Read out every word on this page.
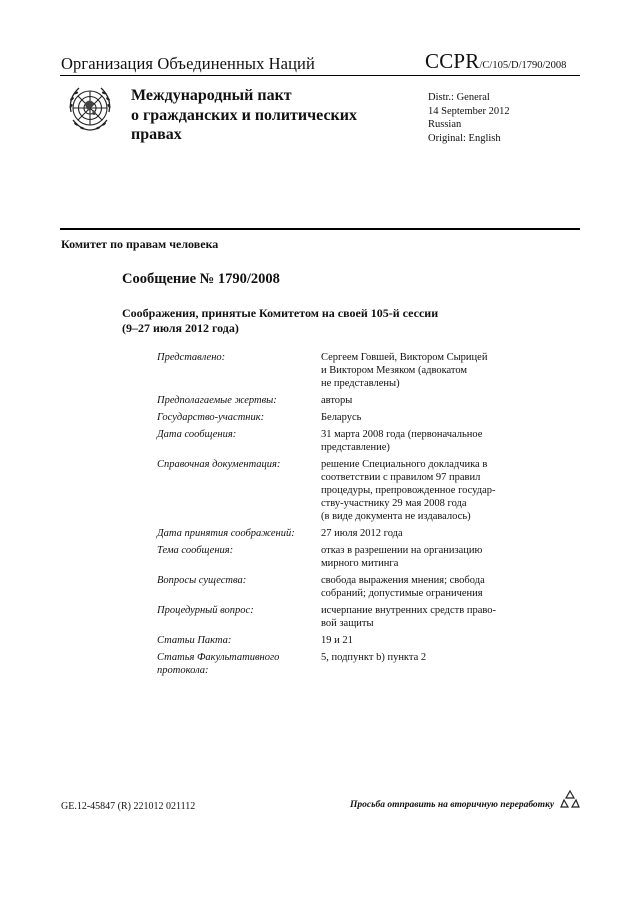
Организация Объединенных Наций	CCPR/C/105/D/1790/2008
Международный пакт
о гражданских и политических
правах
Distr.: General
14 September 2012
Russian
Original: English
Комитет по правам человека
Сообщение № 1790/2008
Соображения, принятые Комитетом на своей 105-й сессии
(9–27 июля 2012 года)
Представлено:	Сергеем Говшей, Виктором Сырицей
и Виктором Мезяком (адвокатом
не представлены)
Предполагаемые жертвы:	авторы
Государство-участник:	Беларусь
Дата сообщения:	31 марта 2008 года (первоначальное
представление)
Справочная документация:	решение Специального докладчика в
соответствии с правилом 97 правил
процедуры, препровожденное государ-
ству-участнику 29 мая 2008 года
(в виде документа не издавалось)
Дата принятия соображений:	27 июля 2012 года
Тема сообщения:	отказ в разрешении на организацию
мирного митинга
Вопросы существа:	свобода выражения мнения; свобода
собраний; допустимые ограничения
Процедурный вопрос:	исчерпание внутренних средств право-
вой защиты
Статьи Пакта:	19 и 21
Статья Факультативного
протокола:
5, подпункт b) пункта 2
GE.12-45847 (R) 221012 021112	Просьба отправить на вторичную переработку
